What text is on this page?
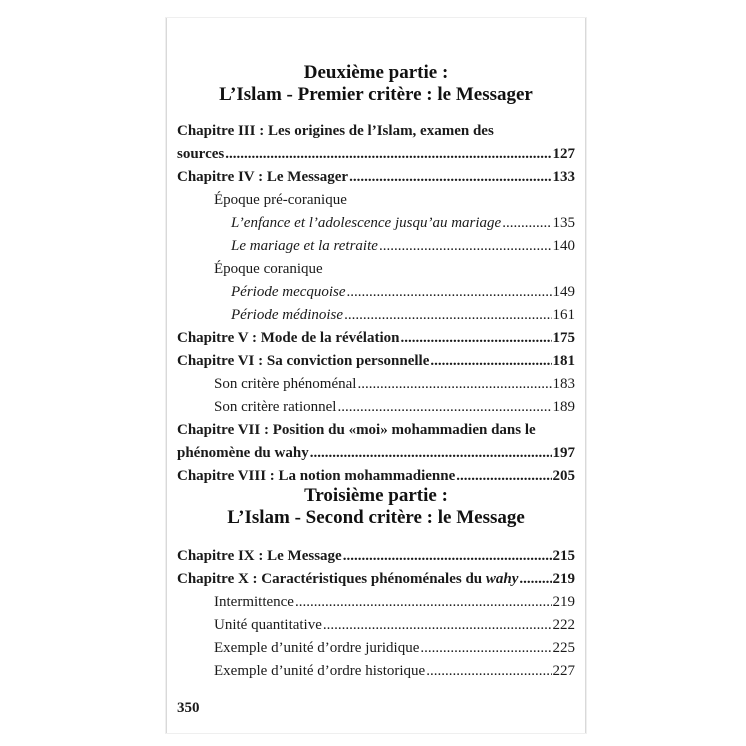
Deuxième partie :
L’Islam - Premier critère : le Messager
Chapitre III : Les origines de l’Islam, examen des
sources .....	127
Chapitre IV : Le Messager .....	133
Époque pré-coranique
L’enfance et l’adolescence jusqu’au mariage .....	135
Le mariage et la retraite .....	140
Époque coranique
Période mecquoise .....	149
Période médinoise .....	161
Chapitre V : Mode de la révélation .....	175
Chapitre VI : Sa conviction personnelle .....	181
Son critère phénoménal .....	183
Son critère rationnel .....	189
Chapitre VII : Position du «moi» mohammadien dans le
phénomène du wahy .....	197
Chapitre VIII : La notion mohammadienne .....	205
Troisième partie :
L’Islam - Second critère : le Message
Chapitre IX : Le Message .....	215
Chapitre X : Caractéristiques phénoménales du wahy ..... 219
Intermittence .....	219
Unité quantitative .....	222
Exemple d’unité d’ordre juridique .....	225
Exemple d’unité d’ordre historique .....	227
350
